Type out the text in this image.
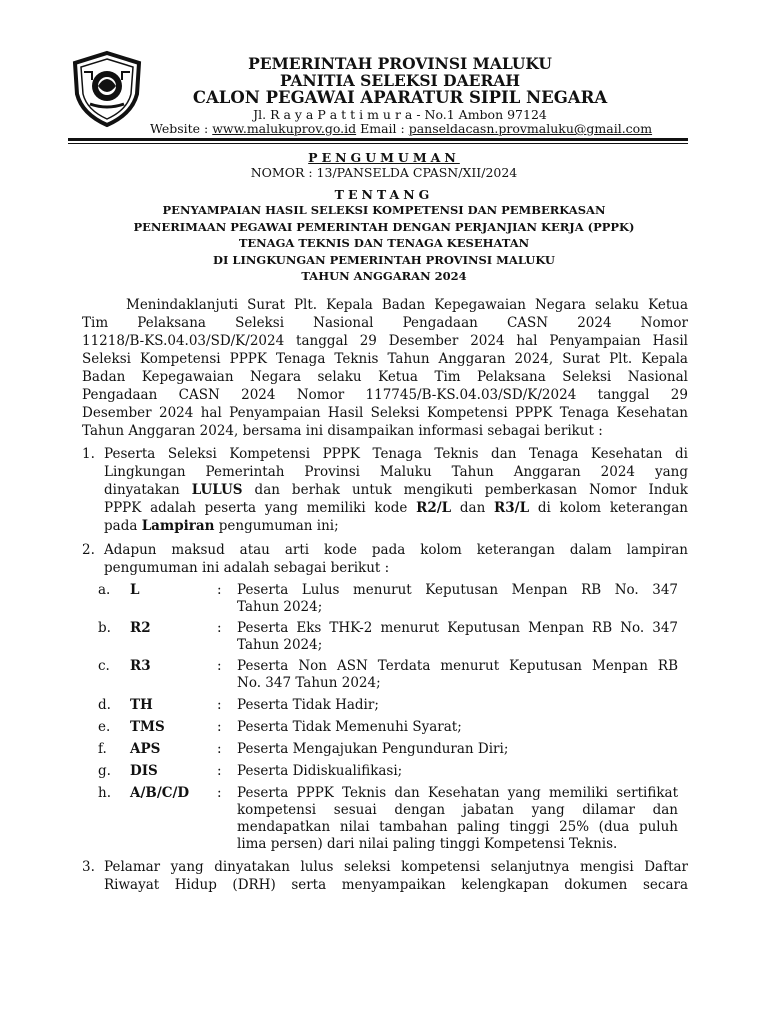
PEMERINTAH PROVINSI MALUKU
PANITIA SELEKSI DAERAH
CALON PEGAWAI APARATUR SIPIL NEGARA
Jl. R a y a P a t t i m u r a - No.1 Ambon 97124
Website : www.malukuprov.go.id Email : panseldacasn.provmaluku@gmail.com
PENGUMUMAN
NOMOR : 13/PANSELDA CPASN/XII/2024
TENTANG
PENYAMPAIAN HASIL SELEKSI KOMPETENSI DAN PEMBERKASAN
PENERIMAAN PEGAWAI PEMERINTAH DENGAN PERJANJIAN KERJA (PPPK)
TENAGA TEKNIS DAN TENAGA KESEHATAN
DI LINGKUNGAN PEMERINTAH PROVINSI MALUKU
TAHUN ANGGARAN 2024
Menindaklanjuti Surat Plt. Kepala Badan Kepegawaian Negara selaku Ketua
Tim Pelaksana Seleksi Nasional Pengadaan CASN 2024 Nomor
11218/B-KS.04.03/SD/K/2024 tanggal 29 Desember 2024 hal Penyampaian Hasil
Seleksi Kompetensi PPPK Tenaga Teknis Tahun Anggaran 2024, Surat Plt. Kepala
Badan Kepegawaian Negara selaku Ketua Tim Pelaksana Seleksi Nasional
Pengadaan CASN 2024 Nomor 117745/B-KS.04.03/SD/K/2024 tanggal 29
Desember 2024 hal Penyampaian Hasil Seleksi Kompetensi PPPK Tenaga Kesehatan
Tahun Anggaran 2024, bersama ini disampaikan informasi sebagai berikut :
1. Peserta Seleksi Kompetensi PPPK Tenaga Teknis dan Tenaga Kesehatan di
Lingkungan Pemerintah Provinsi Maluku Tahun Anggaran 2024 yang
dinyatakan LULUS dan berhak untuk mengikuti pemberkasan Nomor Induk
PPPK adalah peserta yang memiliki kode R2/L dan R3/L di kolom keterangan
pada Lampiran pengumuman ini;
2. Adapun maksud atau arti kode pada kolom keterangan dalam lampiran
pengumuman ini adalah sebagai berikut :
a. L	: Peserta Lulus menurut Keputusan Menpan RB No. 347
Tahun 2024;
b. R2	: Peserta Eks THK-2 menurut Keputusan Menpan RB No. 347
Tahun 2024;
c. R3	: Peserta Non ASN Terdata menurut Keputusan Menpan RB
No. 347 Tahun 2024;
d. TH	: Peserta Tidak Hadir;
e. TMS	: Peserta Tidak Memenuhi Syarat;
f. APS	: Peserta Mengajukan Pengunduran Diri;
g. DIS	: Peserta Didiskualifikasi;
h. A/B/C/D : Peserta PPPK Teknis dan Kesehatan yang memiliki sertifikat
kompetensi sesuai dengan jabatan yang dilamar dan
mendapatkan nilai tambahan paling tinggi 25% (dua puluh
lima persen) dari nilai paling tinggi Kompetensi Teknis.
3. Pelamar yang dinyatakan lulus seleksi kompetensi selanjutnya mengisi Daftar
Riwayat Hidup (DRH) serta menyampaikan kelengkapan dokumen secara
